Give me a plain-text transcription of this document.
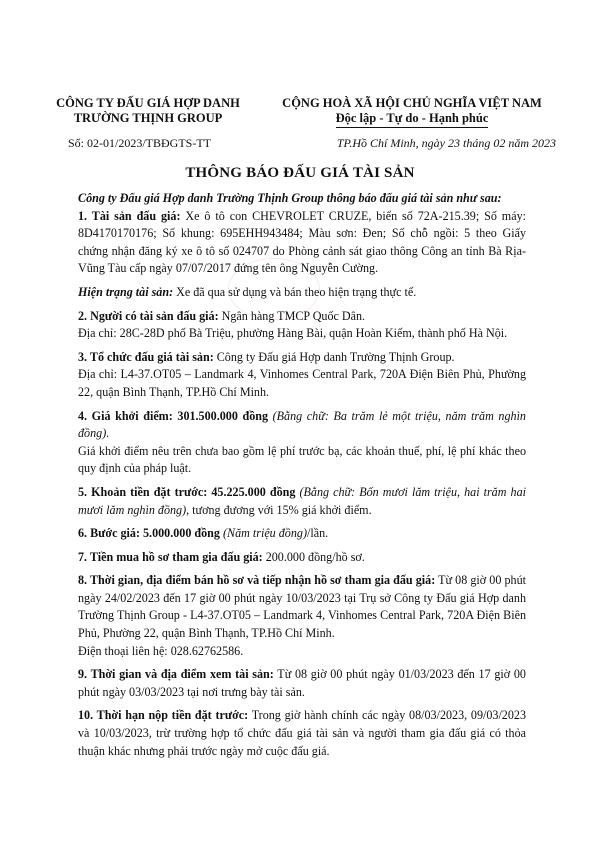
CÔNG TY ĐẤU GIÁ HỢP DANH
TRƯỜNG THỊNH GROUP
CỘNG HOÀ XÃ HỘI CHỦ NGHĨA VIỆT NAM
Độc lập - Tự do - Hạnh phúc
Số: 02-01/2023/TBĐGTS-TT	TP.Hồ Chí Minh, ngày 23 tháng 02 năm 2023
THÔNG BÁO ĐẤU GIÁ TÀI SẢN

Công ty Đấu giá Hợp danh Trường Thịnh Group thông báo đấu giá tài sản như sau:

1. Tài sản đấu giá: Xe ô tô con CHEVROLET CRUZE, biển số 72A-215.39; Số máy: 8D4170170176; Số khung: 695EHH943484; Màu sơn: Đen; Số chỗ ngồi: 5 theo Giấy chứng nhận đăng ký xe ô tô số 024707 do Phòng cảnh sát giao thông Công an tỉnh Bà Rịa- Vũng Tàu cấp ngày 07/07/2017 đứng tên ông Nguyễn Cường.

Hiện trạng tài sản: Xe đã qua sử dụng và bán theo hiện trạng thực tế.

2. Người có tài sản đấu giá: Ngân hàng TMCP Quốc Dân.

Địa chỉ: 28C-28D phố Bà Triệu, phường Hàng Bài, quận Hoàn Kiếm, thành phố Hà Nội.

3. Tổ chức đấu giá tài sản: Công ty Đấu giá Hợp danh Trường Thịnh Group.

Địa chỉ: L4-37.OT05 – Landmark 4, Vinhomes Central Park, 720A Điện Biên Phủ, Phường 22, quận Bình Thạnh, TP.Hồ Chí Minh.

4. Giá khởi điểm: 301.500.000 đồng (Bằng chữ: Ba trăm lẻ một triệu, năm trăm nghìn đồng).

Giá khởi điểm nêu trên chưa bao gồm lệ phí trước bạ, các khoản thuế, phí, lệ phí khác theo quy định của pháp luật.

5. Khoản tiền đặt trước: 45.225.000 đồng (Bằng chữ: Bốn mươi lăm triệu, hai trăm hai mươi lăm nghìn đồng), tương đương với 15% giá khởi điểm.

6. Bước giá: 5.000.000 đồng (Năm triệu đồng)/lần.

7. Tiền mua hồ sơ tham gia đấu giá: 200.000 đồng/hồ sơ.

8. Thời gian, địa điểm bán hồ sơ và tiếp nhận hồ sơ tham gia đấu giá: Từ 08 giờ 00 phút ngày 24/02/2023 đến 17 giờ 00 phút ngày 10/03/2023 tại Trụ sở Công ty Đấu giá Hợp danh Trường Thịnh Group - L4-37.OT05 – Landmark 4, Vinhomes Central Park, 720A Điện Biên Phủ, Phường 22, quận Bình Thạnh, TP.Hồ Chí Minh.

Điện thoại liên hệ: 028.62762586.

9. Thời gian và địa điểm xem tài sản: Từ 08 giờ 00 phút ngày 01/03/2023 đến 17 giờ 00 phút ngày 03/03/2023 tại nơi trưng bày tài sản.

10. Thời hạn nộp tiền đặt trước: Trong giờ hành chính các ngày 08/03/2023, 09/03/2023 và 10/03/2023, trừ trường hợp tổ chức đấu giá tài sản và người tham gia đấu giá có thỏa thuận khác nhưng phải trước ngày mở cuộc đấu giá.
